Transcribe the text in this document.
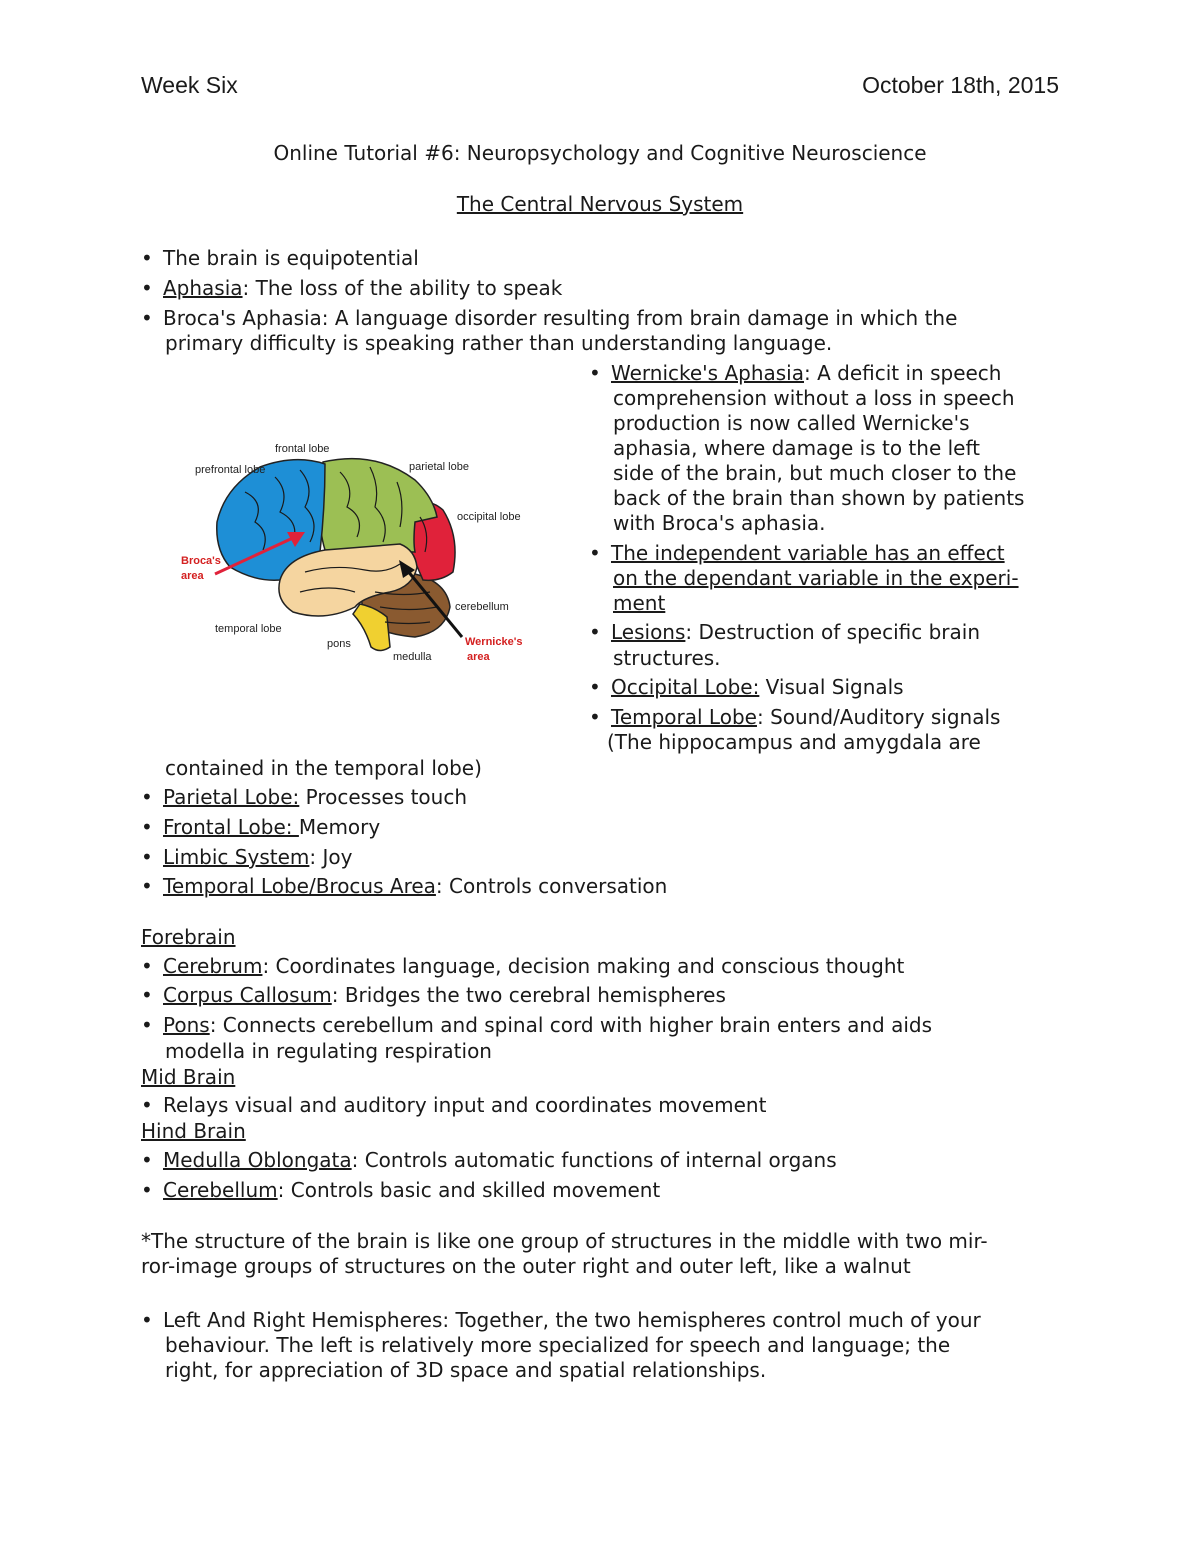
Week Six	October 18th, 2015
Online Tutorial #6: Neuropsychology and Cognitive Neuroscience
The Central Nervous System
• The brain is equipotential
• Aphasia: The loss of the ability to speak
• Broca's Aphasia: A language disorder resulting from brain damage in which the
primary difficulty is speaking rather than understanding language.
• Wernicke's Aphasia: A deficit in speech
comprehension without a loss in speech
production is now called Wernicke's
aphasia, where damage is to the left
side of the brain, but much closer to the
back of the brain than shown by patients
with Broca's aphasia.
• The independent variable has an effect
on the dependant variable in the experi-
ment
• Lesions: Destruction of specific brain
structures.
• Occipital Lobe: Visual Signals
• Temporal Lobe: Sound/Auditory signals
(The hippocampus and amygdala are
contained in the temporal lobe)
• Parietal Lobe: Processes touch
• Frontal Lobe: Memory
• Limbic System: Joy
• Temporal Lobe/Brocus Area: Controls conversation
Forebrain
• Cerebrum: Coordinates language, decision making and conscious thought
• Corpus Callosum: Bridges the two cerebral hemispheres
• Pons: Connects cerebellum and spinal cord with higher brain enters and aids
modella in regulating respiration
Mid Brain
• Relays visual and auditory input and coordinates movement
Hind Brain
• Medulla Oblongata: Controls automatic functions of internal organs
• Cerebellum: Controls basic and skilled movement
*The structure of the brain is like one group of structures in the middle with two mir-
ror-image groups of structures on the outer right and outer left, like a walnut
• Left And Right Hemispheres: Together, the two hemispheres control much of your
behaviour. The left is relatively more specialized for speech and language; the
right, for appreciation of 3D space and spatial relationships.
frontal lobe
prefrontal lobe	parietal lobe
occipital lobe
cerebellum
temporal lobe
pons
medulla
Broca's
area
Wernicke's
area
